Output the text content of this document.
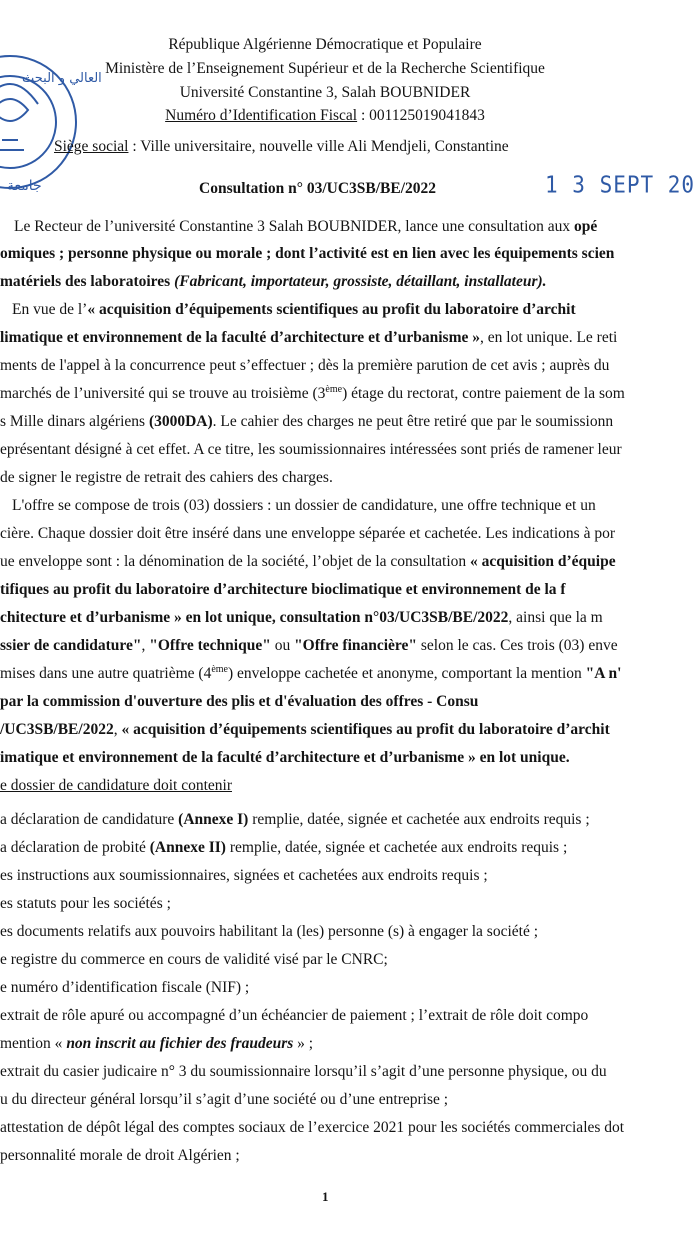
العالي و البحث
جامعة
République Algérienne Démocratique et Populaire
Ministère de l’Enseignement Supérieur et de la Recherche Scientifique
Université Constantine 3, Salah BOUBNIDER
Numéro d’Identification Fiscal : 001125019041843
Siège social : Ville universitaire, nouvelle ville Ali Mendjeli, Constantine
Consultation n° 03/UC3SB/BE/2022	1 3 SEPT 20
Le Recteur de l’université Constantine 3 Salah BOUBNIDER, lance une consultation aux opé
omiques ; personne physique ou morale ; dont l’activité est en lien avec les équipements scien
matériels des laboratoires (Fabricant, importateur, grossiste, détaillant, installateur).
En vue de l’« acquisition d’équipements scientifiques au profit du laboratoire d’archit
limatique et environnement de la faculté d’architecture et d’urbanisme », en lot unique. Le reti
ments de l'appel à la concurrence peut s’effectuer ; dès la première parution de cet avis ; auprès du
marchés de l’université qui se trouve au troisième (3ème) étage du rectorat, contre paiement de la som
s Mille dinars algériens (3000DA). Le cahier des charges ne peut être retiré que par le soumissionn
eprésentant désigné à cet effet. A ce titre, les soumissionnaires intéressées sont priés de ramener leur
de signer le registre de retrait des cahiers des charges.
L'offre se compose de trois (03) dossiers : un dossier de candidature, une offre technique et un
cière. Chaque dossier doit être inséré dans une enveloppe séparée et cachetée. Les indications à por
ue enveloppe sont : la dénomination de la société, l’objet de la consultation « acquisition d’équipe
tifiques au profit du laboratoire d’architecture bioclimatique et environnement de la f
chitecture et d’urbanisme » en lot unique, consultation n°03/UC3SB/BE/2022, ainsi que la m
ssier de candidature", "Offre technique" ou "Offre financière" selon le cas. Ces trois (03) enve
mises dans une autre quatrième (4ème) enveloppe cachetée et anonyme, comportant la mention "A n'
par la commission d'ouverture des plis et d'évaluation des offres - Consu
/UC3SB/BE/2022, « acquisition d’équipements scientifiques au profit du laboratoire d’archit
imatique et environnement de la faculté d’architecture et d’urbanisme » en lot unique.
e dossier de candidature doit contenir
a déclaration de candidature (Annexe I) remplie, datée, signée et cachetée aux endroits requis ;
a déclaration de probité (Annexe II) remplie, datée, signée et cachetée aux endroits requis ;
es instructions aux soumissionnaires, signées et cachetées aux endroits requis ;
es statuts pour les sociétés ;
es documents relatifs aux pouvoirs habilitant la (les) personne (s) à engager la société ;
e registre du commerce en cours de validité visé par le CNRC;
e numéro d’identification fiscale (NIF) ;
extrait de rôle apuré ou accompagné d’un échéancier de paiement ; l’extrait de rôle doit compo
mention « non inscrit au fichier des fraudeurs » ;
extrait du casier judicaire n° 3 du soumissionnaire lorsqu’il s’agit d’une personne physique, ou du
u du directeur général lorsqu’il s’agit d’une société ou d’une entreprise ;
attestation de dépôt légal des comptes sociaux de l’exercice 2021 pour les sociétés commerciales dot
personnalité morale de droit Algérien ;
1
